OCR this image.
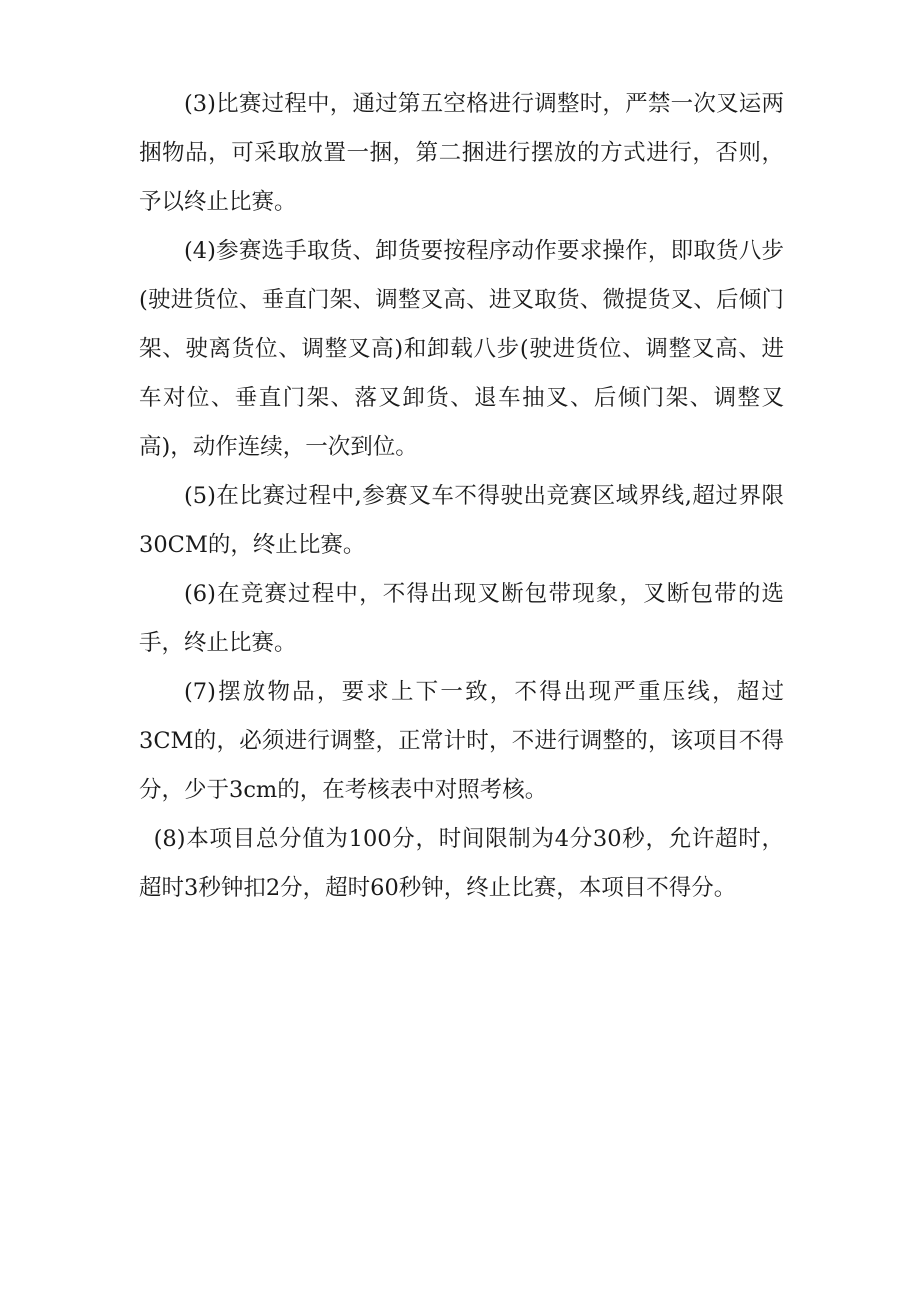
(3)比赛过程中，通过第五空格进行调整时，严禁一次叉运两捆物品，可采取放置一捆，第二捆进行摆放的方式进行，否则，予以终止比赛。

(4)参赛选手取货、卸货要按程序动作要求操作，即取货八步(驶进货位、垂直门架、调整叉高、进叉取货、微提货叉、后倾门架、驶离货位、调整叉高)和卸载八步(驶进货位、调整叉高、进车对位、垂直门架、落叉卸货、退车抽叉、后倾门架、调整叉高)，动作连续，一次到位。

(5)在比赛过程中,参赛叉车不得驶出竞赛区域界线,超过界限30CM的，终止比赛。

(6)在竞赛过程中，不得出现叉断包带现象，叉断包带的选手，终止比赛。

(7)摆放物品，要求上下一致，不得出现严重压线，超过3CM的，必须进行调整，正常计时，不进行调整的，该项目不得分，少于3cm的，在考核表中对照考核。

(8)本项目总分值为100分，时间限制为4分30秒，允许超时，超时3秒钟扣2分，超时60秒钟，终止比赛，本项目不得分。
